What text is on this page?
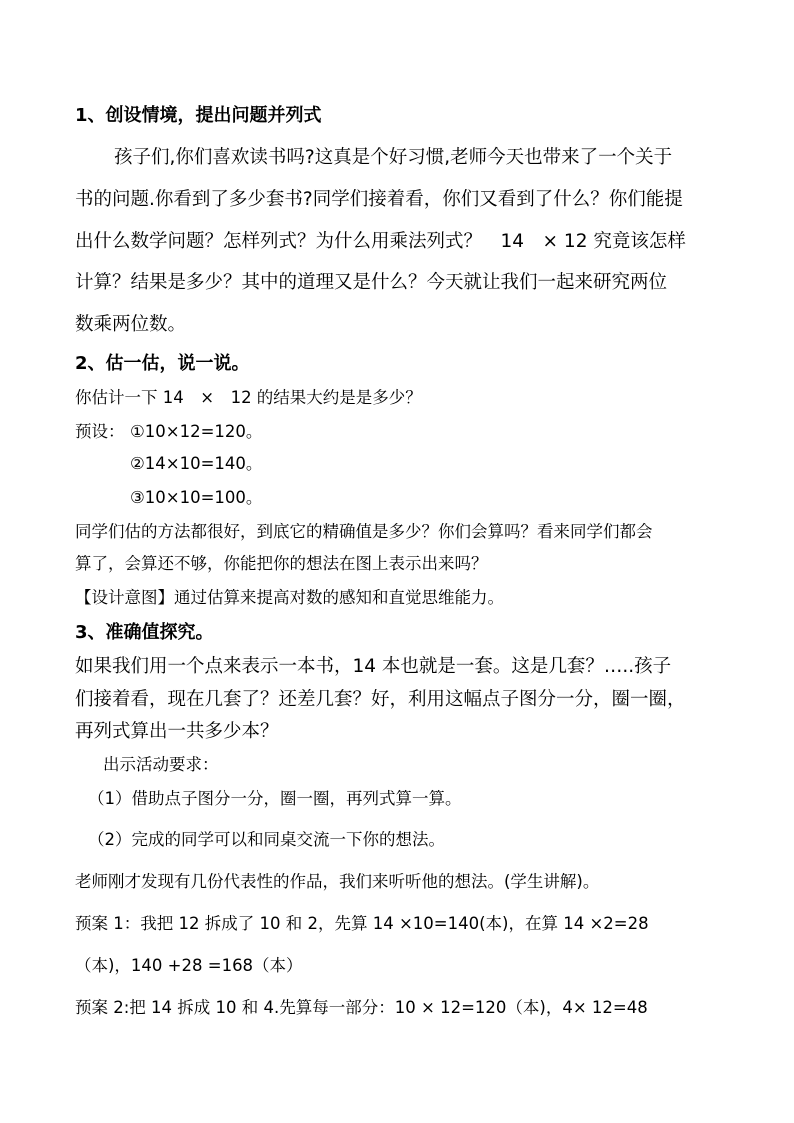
1、创设情境，提出问题并列式
孩子们,你们喜欢读书吗?这真是个好习惯,老师今天也带来了一个关于
书的问题.你看到了多少套书?同学们接着看，你们又看到了什么？你们能提
出什么数学问题？怎样列式？为什么用乘法列式？　14　× 12 究竟该怎样
计算？结果是多少？其中的道理又是什么？今天就让我们一起来研究两位
数乘两位数。
2、估一估，说一说。
你估计一下 14　×　12 的结果大约是是多少？
预设： ①10×12=120。
②14×10=140。
③10×10=100。
同学们估的方法都很好，到底它的精确值是多少？你们会算吗？看来同学们都会
算了，会算还不够，你能把你的想法在图上表示出来吗？
【设计意图】通过估算来提高对数的感知和直觉思维能力。
3、准确值探究。
如果我们用一个点来表示一本书，14 本也就是一套。这是几套？…..孩子
们接着看，现在几套了？还差几套？好，利用这幅点子图分一分，圈一圈，
再列式算出一共多少本？
出示活动要求：
（1）借助点子图分一分，圈一圈，再列式算一算。
（2）完成的同学可以和同桌交流一下你的想法。
老师刚才发现有几份代表性的作品，我们来听听他的想法。(学生讲解)。
预案 1：我把 12 拆成了 10 和 2，先算 14 ×10=140(本)，在算 14 ×2=28
（本)，140 +28 =168（本）
预案 2:把 14 拆成 10 和 4.先算每一部分：10 × 12=120（本)，4× 12=48
